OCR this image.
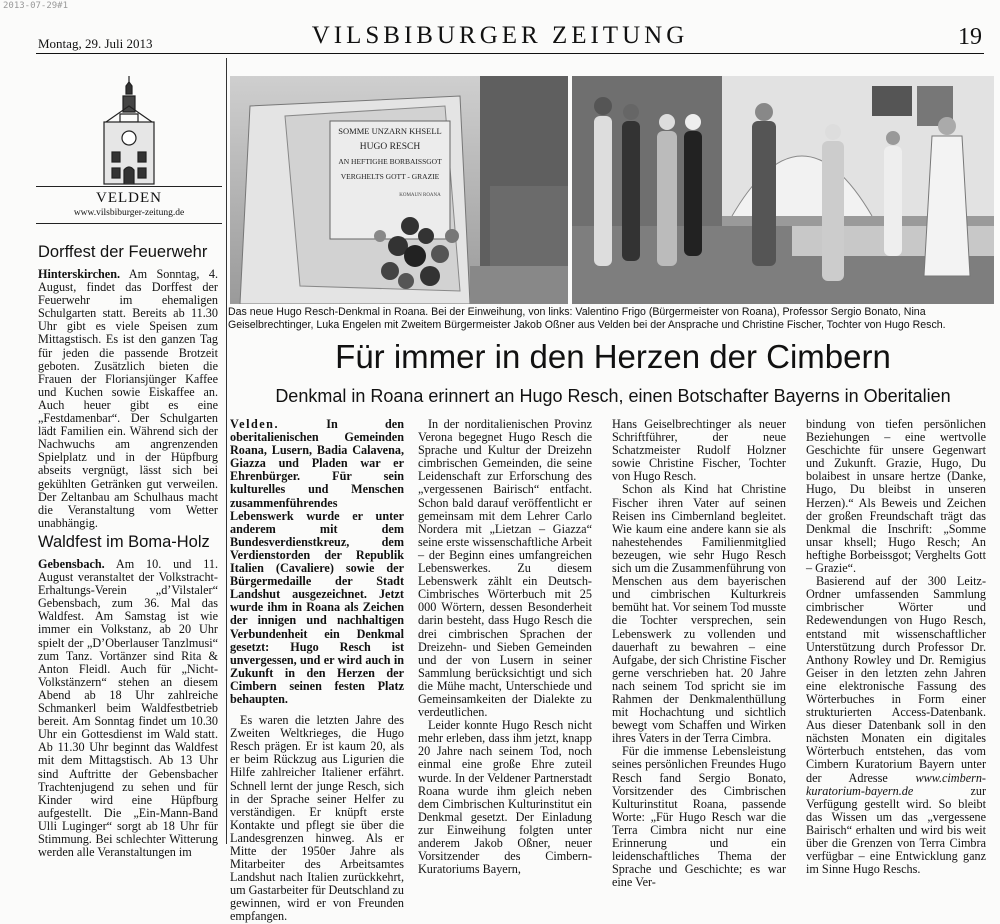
2013-07-29#1
Montag, 29. Juli 2013	VILSBIBURGER ZEITUNG	19
VELDEN
www.vilsbiburger-zeitung.de
Dorffest der Feuerwehr
Hinterskirchen. Am Sonntag, 4. August, findet das Dorffest der Feuerwehr im ehemaligen Schulgarten statt. Bereits ab 11.30 Uhr gibt es viele Speisen zum Mittagstisch. Es ist den ganzen Tag für jeden die passende Brotzeit geboten. Zusätzlich bieten die Frauen der Floriansjünger Kaffee und Kuchen sowie Eiskaffee an. Auch heuer gibt es eine „Festdamenbar“. Der Schulgarten lädt Familien ein. Während sich der Nachwuchs am angrenzenden Spielplatz und in der Hüpfburg abseits vergnügt, lässt sich bei gekühlten Getränken gut verweilen. Der Zeltanbau am Schulhaus macht die Veranstaltung vom Wetter unabhängig.
Waldfest im Boma-Holz
Gebensbach. Am 10. und 11. August veranstaltet der Volkstracht-Erhaltungs-Verein „d’Vilstaler“ Gebensbach, zum 36. Mal das Waldfest. Am Samstag ist wie immer ein Volkstanz, ab 20 Uhr spielt der „D’Oberlauser Tanzlmusi“ zum Tanz. Vortänzer sind Rita & Anton Fleidl. Auch für „Nicht-Volkstänzern“ stehen an diesem Abend ab 18 Uhr zahlreiche Schmankerl beim Waldfestbetrieb bereit. Am Sonntag findet um 10.30 Uhr ein Gottesdienst im Wald statt. Ab 11.30 Uhr beginnt das Waldfest mit dem Mittagstisch. Ab 13 Uhr sind Auftritte der Gebensbacher Trachtenjugend zu sehen und für Kinder wird eine Hüpfburg aufgestellt. Die „Ein-Mann-Band Ulli Luginger“ sorgt ab 18 Uhr für Stimmung. Bei schlechter Witterung werden alle Veranstaltungen im
SOMME UNZARN KHSELL
HUGO RESCH
AN HEFTIGHE BORBAISSGOT
VERGHELTS GOTT - GRAZIE
KOMAUN ROANA
Das neue Hugo Resch-Denkmal in Roana. Bei der Einweihung, von links: Valentino Frigo (Bürgermeister von Roana), Professor Sergio Bonato, Nina Geiselbrechtinger, Luka Engelen mit Zweitem Bürgermeister Jakob Oßner aus Velden bei der Ansprache und Christine Fischer, Tochter von Hugo Resch.
Für immer in den Herzen der Cimbern
Denkmal in Roana erinnert an Hugo Resch, einen Botschafter Bayerns in Oberitalien

Velden.	In den oberitalienischen Gemeinden Roana, Lusern, Badia Calavena, Giazza und Pladen war er Ehrenbürger. Für sein kulturelles und Menschen zusammenführendes Lebenswerk wurde er unter anderem mit dem Bundesverdienstkreuz, dem Verdienstorden der Republik Italien (Cavaliere) sowie der Bürgermedaille der Stadt Landshut ausgezeichnet. Jetzt wurde ihm in Roana als Zeichen der innigen und nachhaltigen Verbundenheit ein Denkmal gesetzt: Hugo Resch ist unvergessen, und er wird auch in Zukunft in den Herzen der Cimbern seinen festen Platz behaupten.

Es waren die letzten Jahre des Zweiten Weltkrieges, die Hugo Resch prägen. Er ist kaum 20, als er beim Rückzug aus Ligurien die Hilfe zahlreicher Italiener erfährt. Schnell lernt der junge Resch, sich in der Sprache seiner Helfer zu verständigen. Er knüpft erste Kontakte und pflegt sie über die Landesgrenzen hinweg. Als er Mitte der 1950er Jahre als Mitarbeiter des Arbeitsamtes Landshut nach Italien zurückkehrt, um Gastarbeiter für Deutschland zu gewinnen, wird er von Freunden empfangen.

In der norditalienischen Provinz Verona begegnet Hugo Resch die Sprache und Kultur der Dreizehn cimbrischen Gemeinden, die seine Leidenschaft zur Erforschung des „vergessenen Bairisch“ entfacht. Schon bald darauf veröffentlicht er gemeinsam mit dem Lehrer Carlo Nordera mit „Lietzan – Giazza“ seine erste wissenschaftliche Arbeit – der Beginn eines umfangreichen Lebenswerkes. Zu diesem Lebenswerk zählt ein Deutsch-Cimbrisches Wörterbuch mit 25 000 Wörtern, dessen Besonderheit darin besteht, dass Hugo Resch die drei cimbrischen Sprachen der Dreizehn- und Sieben Gemeinden und der von Lusern in seiner Sammlung berücksichtigt und sich die Mühe macht, Unterschiede und Gemeinsamkeiten der Dialekte zu verdeutlichen.

Leider konnte Hugo Resch nicht mehr erleben, dass ihm jetzt, knapp 20 Jahre nach seinem Tod, noch einmal eine große Ehre zuteil wurde. In der Veldener Partnerstadt Roana wurde ihm gleich neben dem Cimbrischen Kulturinstitut ein Denkmal gesetzt. Der Einladung zur Einweihung folgten unter anderem Jakob Oßner, neuer Vorsitzender des Cimbern-Kuratoriums Bayern,

Hans Geiselbrechtinger als neuer Schriftführer, der neue Schatzmeister Rudolf Holzner sowie Christine Fischer, Tochter von Hugo Resch.

Schon als Kind hat Christine Fischer ihren Vater auf seinen Reisen ins Cimbernland begleitet. Wie kaum eine andere kann sie als nahestehendes Familienmitglied bezeugen, wie sehr Hugo Resch sich um die Zusammenführung von Menschen aus dem bayerischen und cimbrischen Kulturkreis bemüht hat. Vor seinem Tod musste die Tochter versprechen, sein Lebenswerk zu vollenden und dauerhaft zu bewahren – eine Aufgabe, der sich Christine Fischer gerne verschrieben hat. 20 Jahre nach seinem Tod spricht sie im Rahmen der Denkmalenthüllung mit Hochachtung und sichtlich bewegt vom Schaffen und Wirken ihres Vaters in der Terra Cimbra.

Für die immense Lebensleistung seines persönlichen Freundes Hugo Resch fand Sergio Bonato, Vorsitzender des Cimbrischen Kulturinstitut Roana, passende Worte: „Für Hugo Resch war die Terra Cimbra nicht nur eine Erinnerung und ein leidenschaftliches Thema der Sprache und Geschichte; es war eine Ver-

bindung von tiefen persönlichen Beziehungen – eine wertvolle Geschichte für unsere Gegenwart und Zukunft. Grazie, Hugo, Du bolaibest in unsare hertze (Danke, Hugo, Du bleibst in unseren Herzen).“ Als Beweis und Zeichen der großen Freundschaft trägt das Denkmal die Inschrift: „Somme unsar khsell; Hugo Resch; An heftighe Borbeissgot; Verghelts Gott – Grazie“.

Basierend auf der 300 Leitz-Ordner umfassenden Sammlung cimbrischer Wörter und Redewendungen von Hugo Resch, entstand mit wissenschaftlicher Unterstützung durch Professor Dr. Anthony Rowley und Dr. Remigius Geiser in den letzten zehn Jahren eine elektronische Fassung des Wörterbuches in Form einer strukturierten Access-Datenbank. Aus dieser Datenbank soll in den nächsten Monaten ein digitales Wörterbuch entstehen, das vom Cimbern Kuratorium Bayern unter der Adresse www.cimbern-kuratorium-bayern.de	zur Verfügung gestellt wird. So bleibt das Wissen um das „vergessene Bairisch“ erhalten und wird bis weit über die Grenzen von Terra Cimbra verfügbar – eine Entwicklung ganz im Sinne Hugo Reschs.
